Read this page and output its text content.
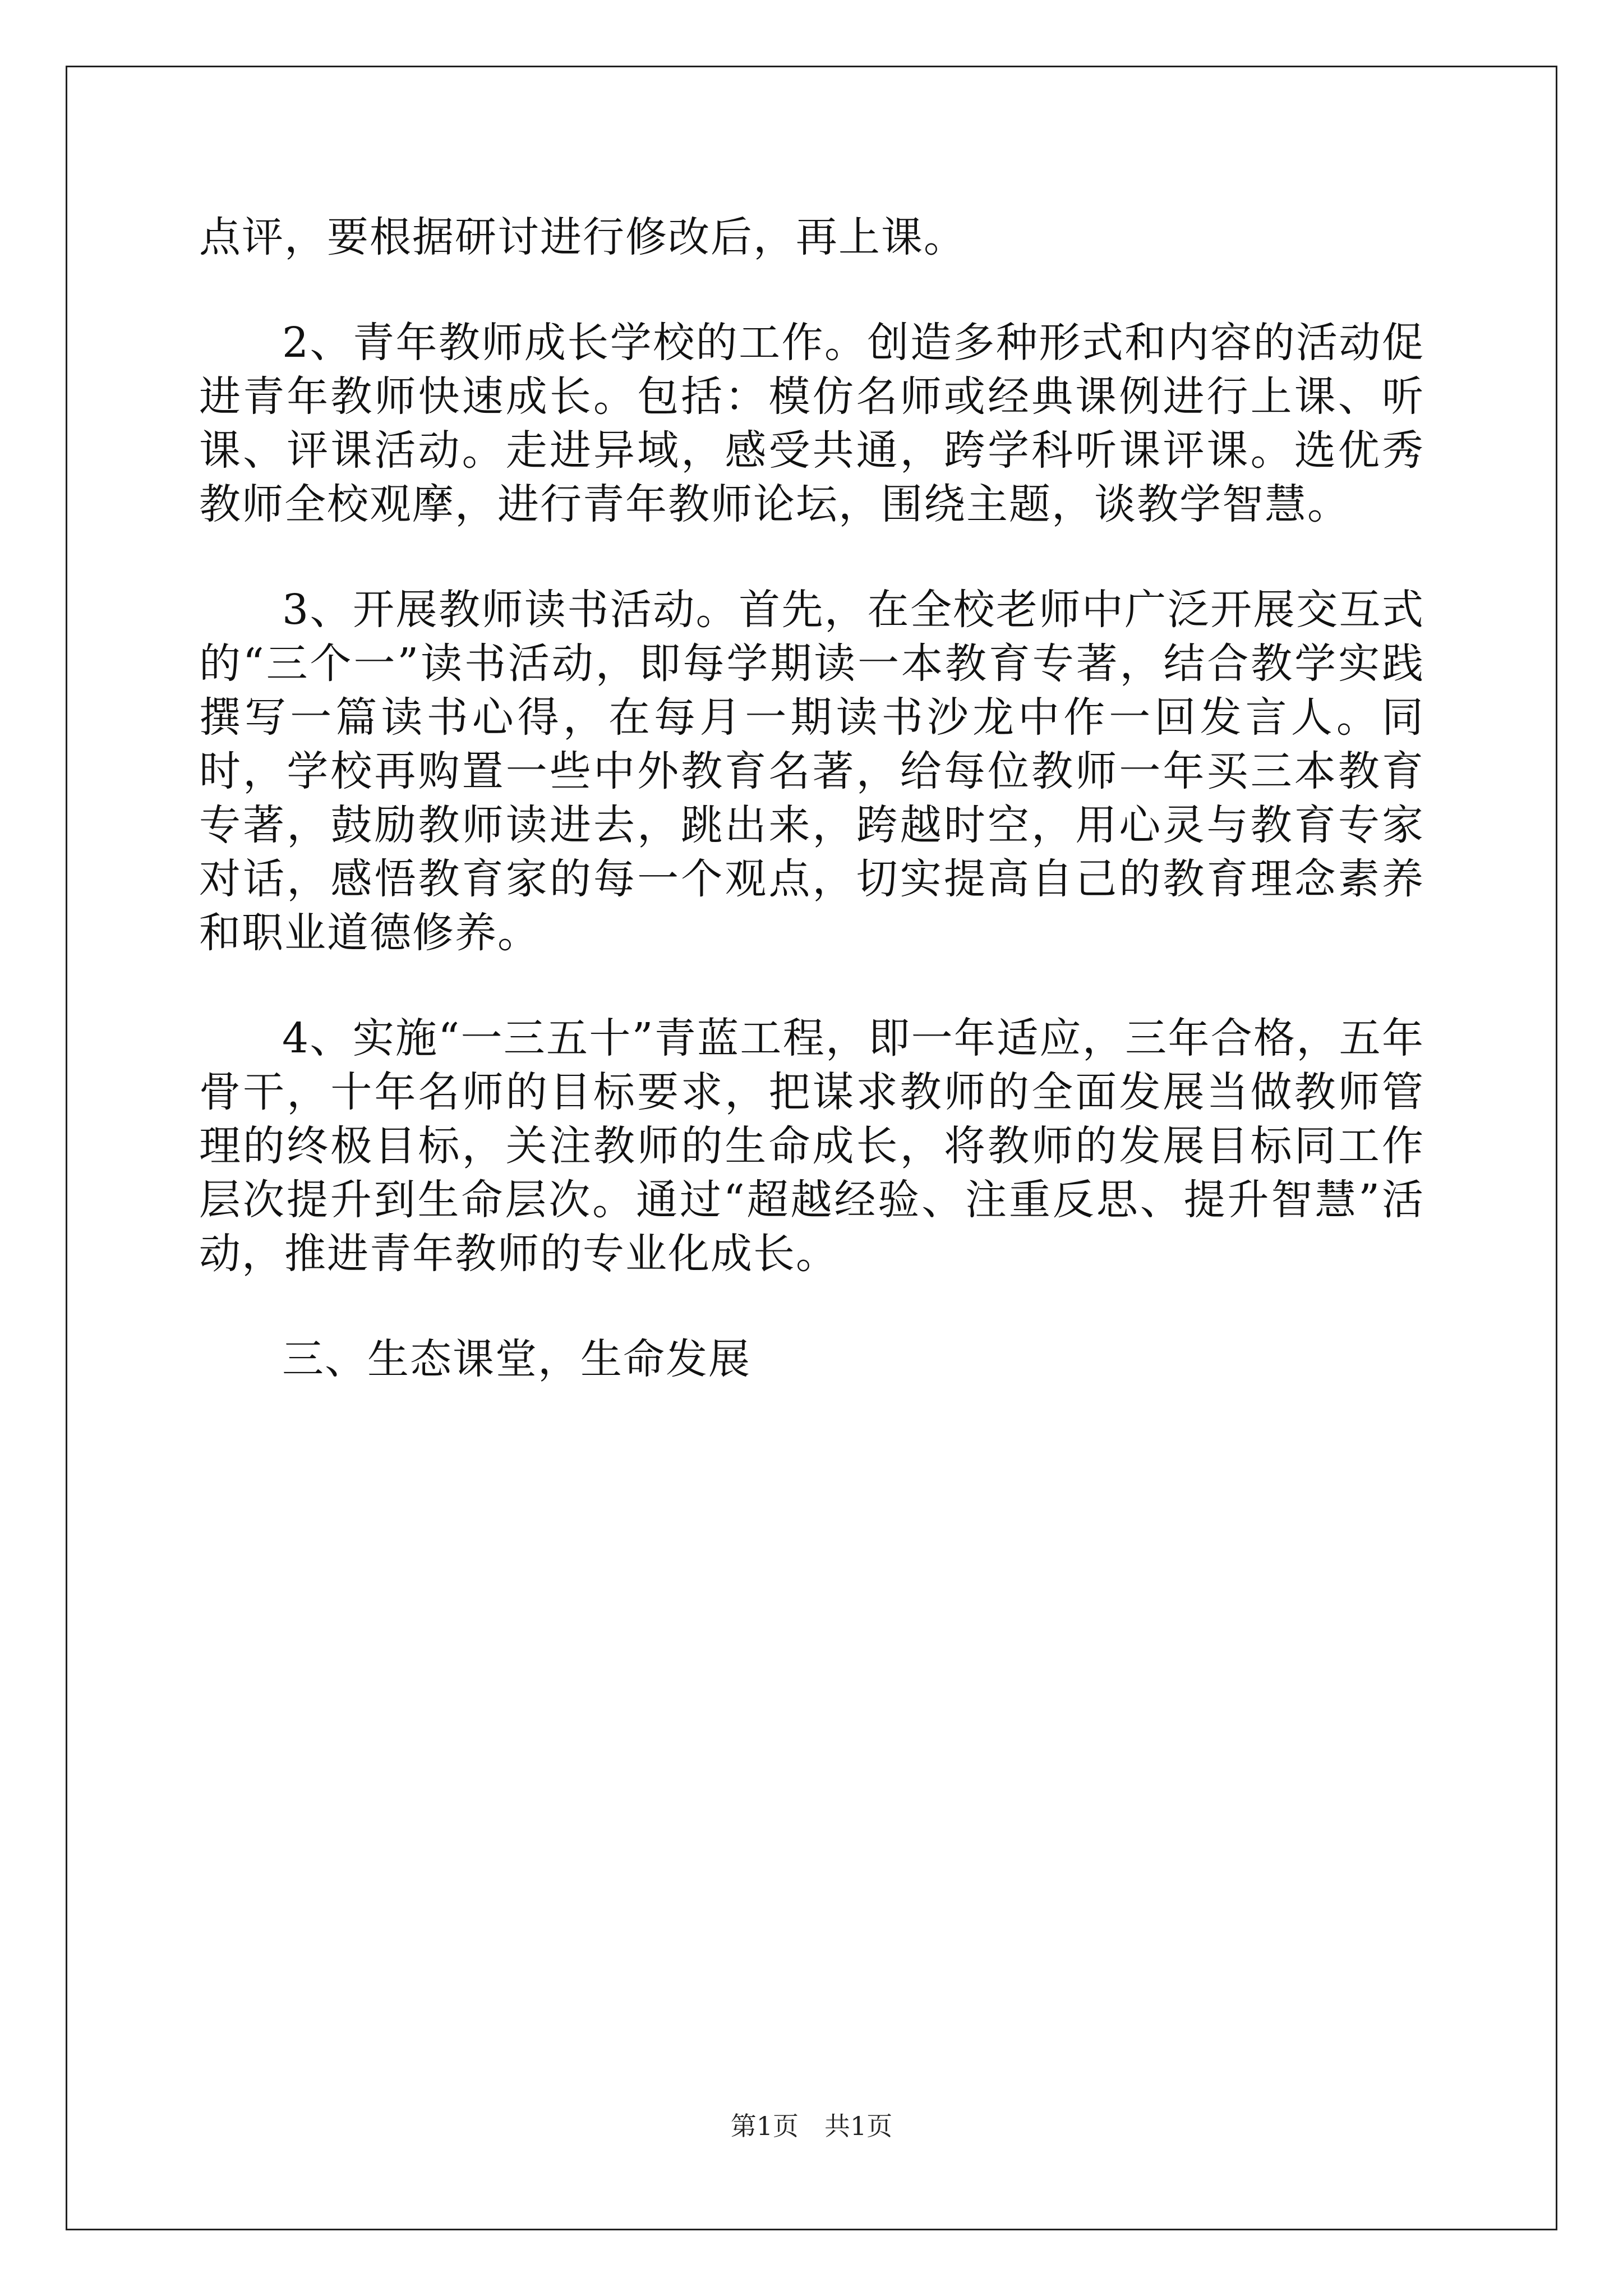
点评，要根据研讨进行修改后，再上课。

2、青年教师成长学校的工作。创造多种形式和内容的活动促进青年教师快速成长。包括：模仿名师或经典课例进行上课、听课、评课活动。走进异域，感受共通，跨学科听课评课。选优秀教师全校观摩，进行青年教师论坛，围绕主题，谈教学智慧。

3、开展教师读书活动。首先，在全校老师中广泛开展交互式的“三个一”读书活动，即每学期读一本教育专著，结合教学实践撰写一篇读书心得，在每月一期读书沙龙中作一回发言人。同时，学校再购置一些中外教育名著，给每位教师一年买三本教育专著，鼓励教师读进去，跳出来，跨越时空，用心灵与教育专家对话，感悟教育家的每一个观点，切实提高自己的教育理念素养和职业道德修养。

4、实施“一三五十”青蓝工程，即一年适应，三年合格，五年骨干，十年名师的目标要求，把谋求教师的全面发展当做教师管理的终极目标，关注教师的生命成长，将教师的发展目标同工作层次提升到生命层次。通过“超越经验、注重反思、提升智慧”活动，推进青年教师的专业化成长。

三、生态课堂，生命发展

第1页　共1页
